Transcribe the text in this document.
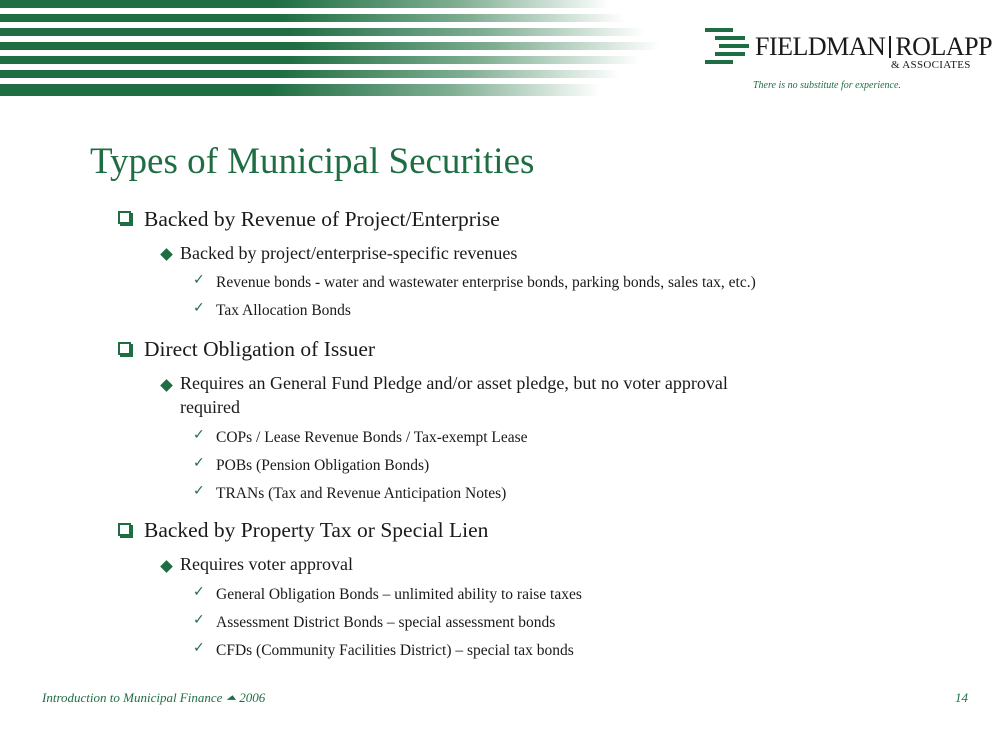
FIELDMAN ROLAPP
& ASSOCIATES
There is no substitute for experience.
Types of Municipal Securities
Backed by Revenue of Project/Enterprise
Backed by project/enterprise-specific revenues
✓ Revenue bonds - water and wastewater enterprise bonds, parking bonds, sales tax, etc.)
✓ Tax Allocation Bonds
Direct Obligation of Issuer
Requires an General Fund Pledge and/or asset pledge, but no voter approval
required
✓ COPs / Lease Revenue Bonds / Tax-exempt Lease
✓ POBs (Pension Obligation Bonds)
✓ TRANs (Tax and Revenue Anticipation Notes)
Backed by Property Tax or Special Lien
Requires voter approval
✓ General Obligation Bonds – unlimited ability to raise taxes
✓ Assessment District Bonds – special assessment bonds
✓ CFDs (Community Facilities District) – special tax bonds
Introduction to Municipal Finance ⏶ 2006	14
